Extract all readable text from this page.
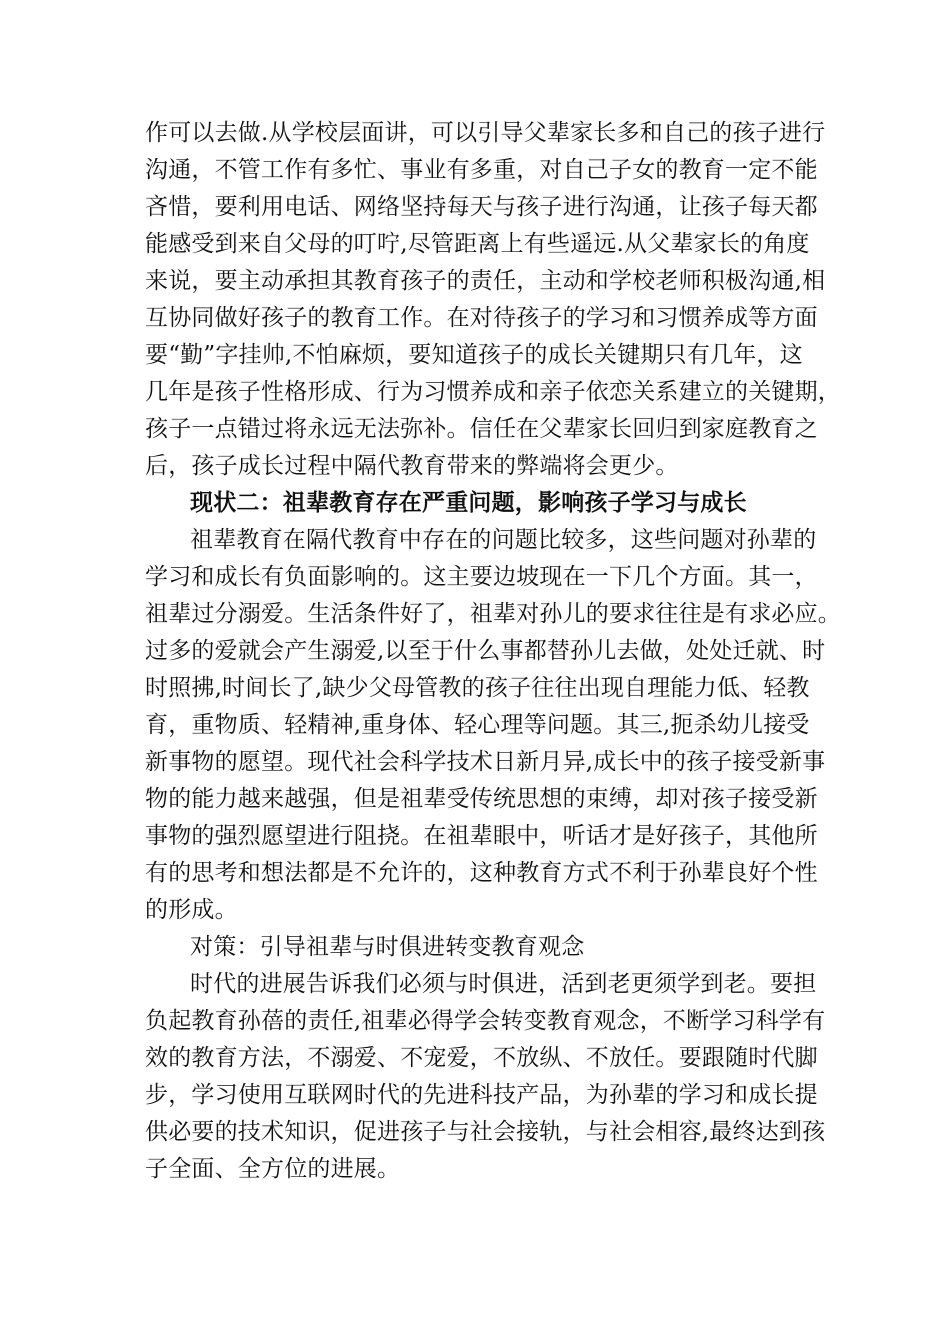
作可以去做.从学校层面讲，可以引导父辈家长多和自己的孩子进行
沟通，不管工作有多忙、事业有多重，对自己子女的教育一定不能
吝惜，要利用电话、网络坚持每天与孩子进行沟通，让孩子每天都
能感受到来自父母的叮咛,尽管距离上有些遥远.从父辈家长的角度
来说，要主动承担其教育孩子的责任，主动和学校老师积极沟通,相
互协同做好孩子的教育工作。在对待孩子的学习和习惯养成等方面
要“勤”字挂帅,不怕麻烦，要知道孩子的成长关键期只有几年，这
几年是孩子性格形成、行为习惯养成和亲子依恋关系建立的关键期，
孩子一点错过将永远无法弥补。信任在父辈家长回归到家庭教育之
后，孩子成长过程中隔代教育带来的弊端将会更少。
现状二：祖辈教育存在严重问题，影响孩子学习与成长
祖辈教育在隔代教育中存在的问题比较多，这些问题对孙辈的
学习和成长有负面影响的。这主要边坡现在一下几个方面。其一，
祖辈过分溺爱。生活条件好了，祖辈对孙儿的要求往往是有求必应。
过多的爱就会产生溺爱,以至于什么事都替孙儿去做，处处迁就、时
时照拂,时间长了,缺少父母管教的孩子往往出现自理能力低、轻教
育，重物质、轻精神,重身体、轻心理等问题。其三,扼杀幼儿接受
新事物的愿望。现代社会科学技术日新月异,成长中的孩子接受新事
物的能力越来越强，但是祖辈受传统思想的束缚，却对孩子接受新
事物的强烈愿望进行阻挠。在祖辈眼中，听话才是好孩子，其他所
有的思考和想法都是不允许的，这种教育方式不利于孙辈良好个性
的形成。
对策：引导祖辈与时俱进转变教育观念
时代的进展告诉我们必须与时俱进，活到老更须学到老。要担
负起教育孙蓓的责任,祖辈必得学会转变教育观念，不断学习科学有
效的教育方法，不溺爱、不宠爱，不放纵、不放任。要跟随时代脚
步，学习使用互联网时代的先进科技产品，为孙辈的学习和成长提
供必要的技术知识，促进孩子与社会接轨，与社会相容,最终达到孩
子全面、全方位的进展。
